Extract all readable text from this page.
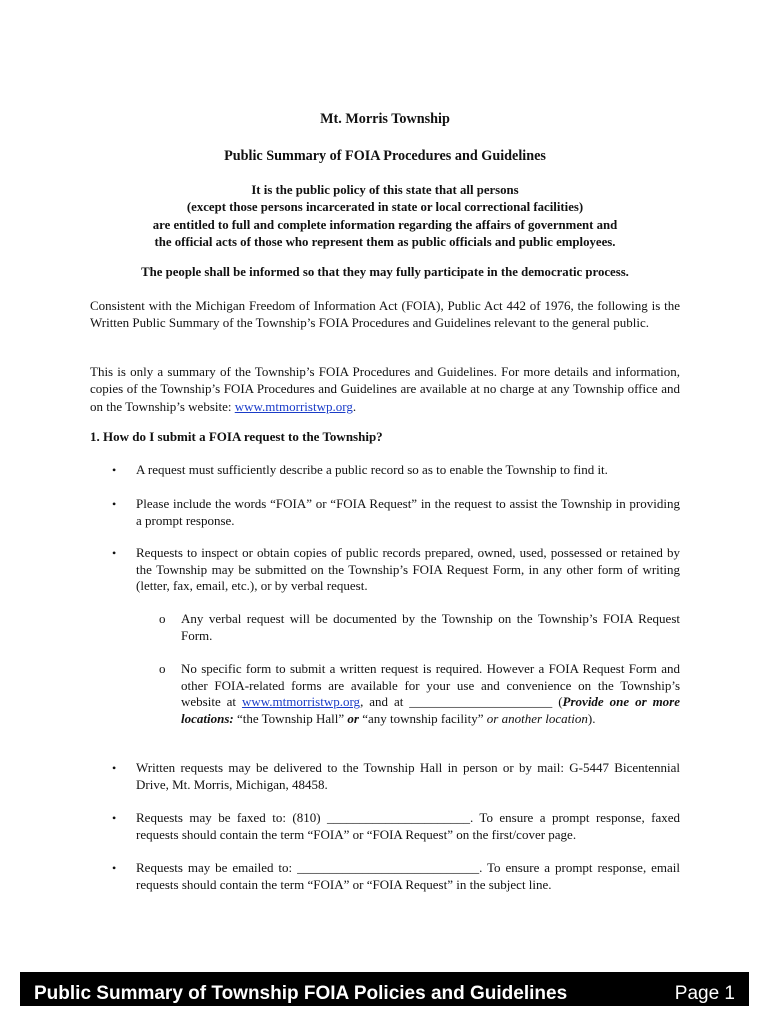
Mt. Morris Township
Public Summary of FOIA Procedures and Guidelines
It is the public policy of this state that all persons
(except those persons incarcerated in state or local correctional facilities)
are entitled to full and complete information regarding the affairs of government and
the official acts of those who represent them as public officials and public employees.
The people shall be informed so that they may fully participate in the democratic process.
Consistent with the Michigan Freedom of Information Act (FOIA), Public Act 442 of 1976, the following is the Written Public Summary of the Township’s FOIA Procedures and Guidelines relevant to the general public.
This is only a summary of the Township’s FOIA Procedures and Guidelines. For more details and information, copies of the Township’s FOIA Procedures and Guidelines are available at no charge at any Township office and on the Township’s website: www.mtmorristwp.org.
1. How do I submit a FOIA request to the Township?
• A request must sufficiently describe a public record so as to enable the Township to find it.
• Please include the words “FOIA” or “FOIA Request” in the request to assist the Township in providing a prompt response.
• Requests to inspect or obtain copies of public records prepared, owned, used, possessed or retained by the Township may be submitted on the Township’s FOIA Request Form, in any other form of writing (letter, fax, email, etc.), or by verbal request.
o Any verbal request will be documented by the Township on the Township’s FOIA Request Form.
o No specific form to submit a written request is required. However a FOIA Request Form and other FOIA-related forms are available for your use and convenience on the Township’s website at www.mtmorristwp.org, and at ______________________ (Provide one or more locations: “the Township Hall” or “any township facility” or another location).
• Written requests may be delivered to the Township Hall in person or by mail: G-5447 Bicentennial Drive, Mt. Morris, Michigan, 48458.
• Requests may be faxed to: (810) ______________________. To ensure a prompt response, faxed requests should contain the term “FOIA” or “FOIA Request” on the first/cover page.
• Requests may be emailed to: ____________________________. To ensure a prompt response, email requests should contain the term “FOIA” or “FOIA Request” in the subject line.
Public Summary of Township FOIA Policies and Guidelines	Page 1
